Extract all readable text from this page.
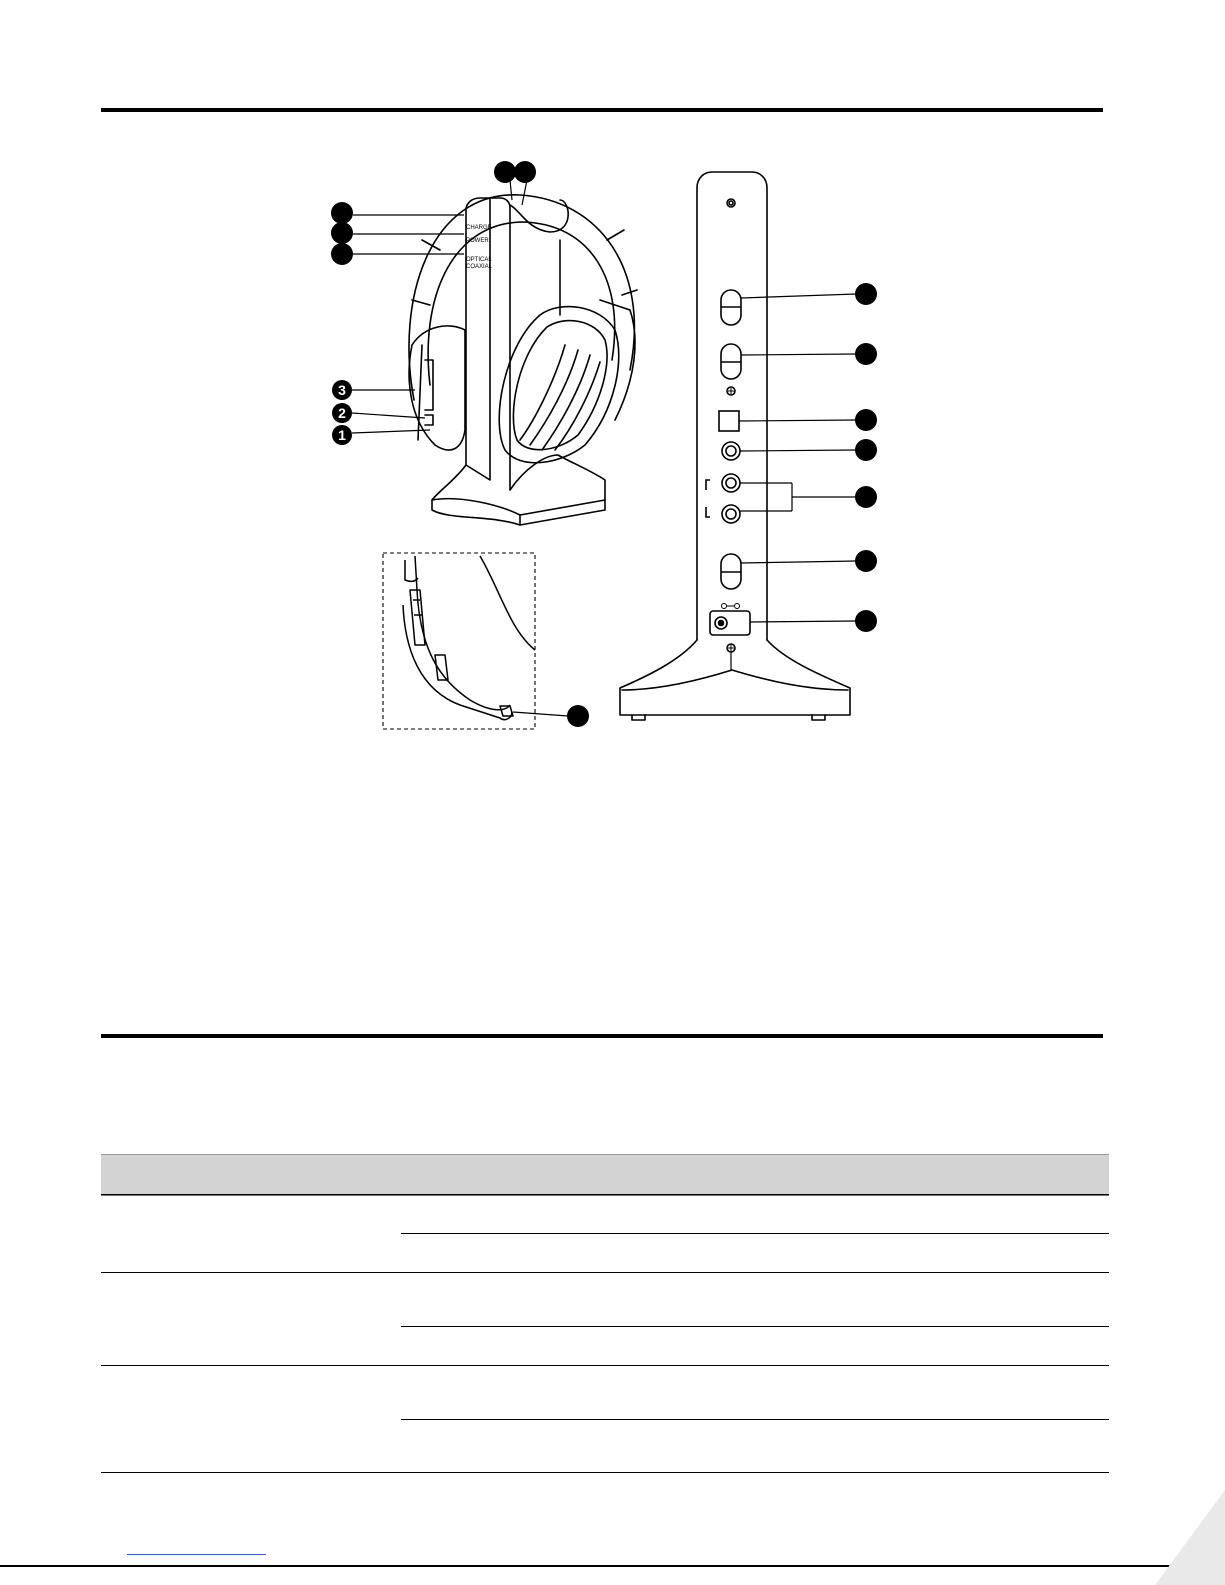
CHARGE
POWER
OPTICAL
COAXIAL
3
2
1
